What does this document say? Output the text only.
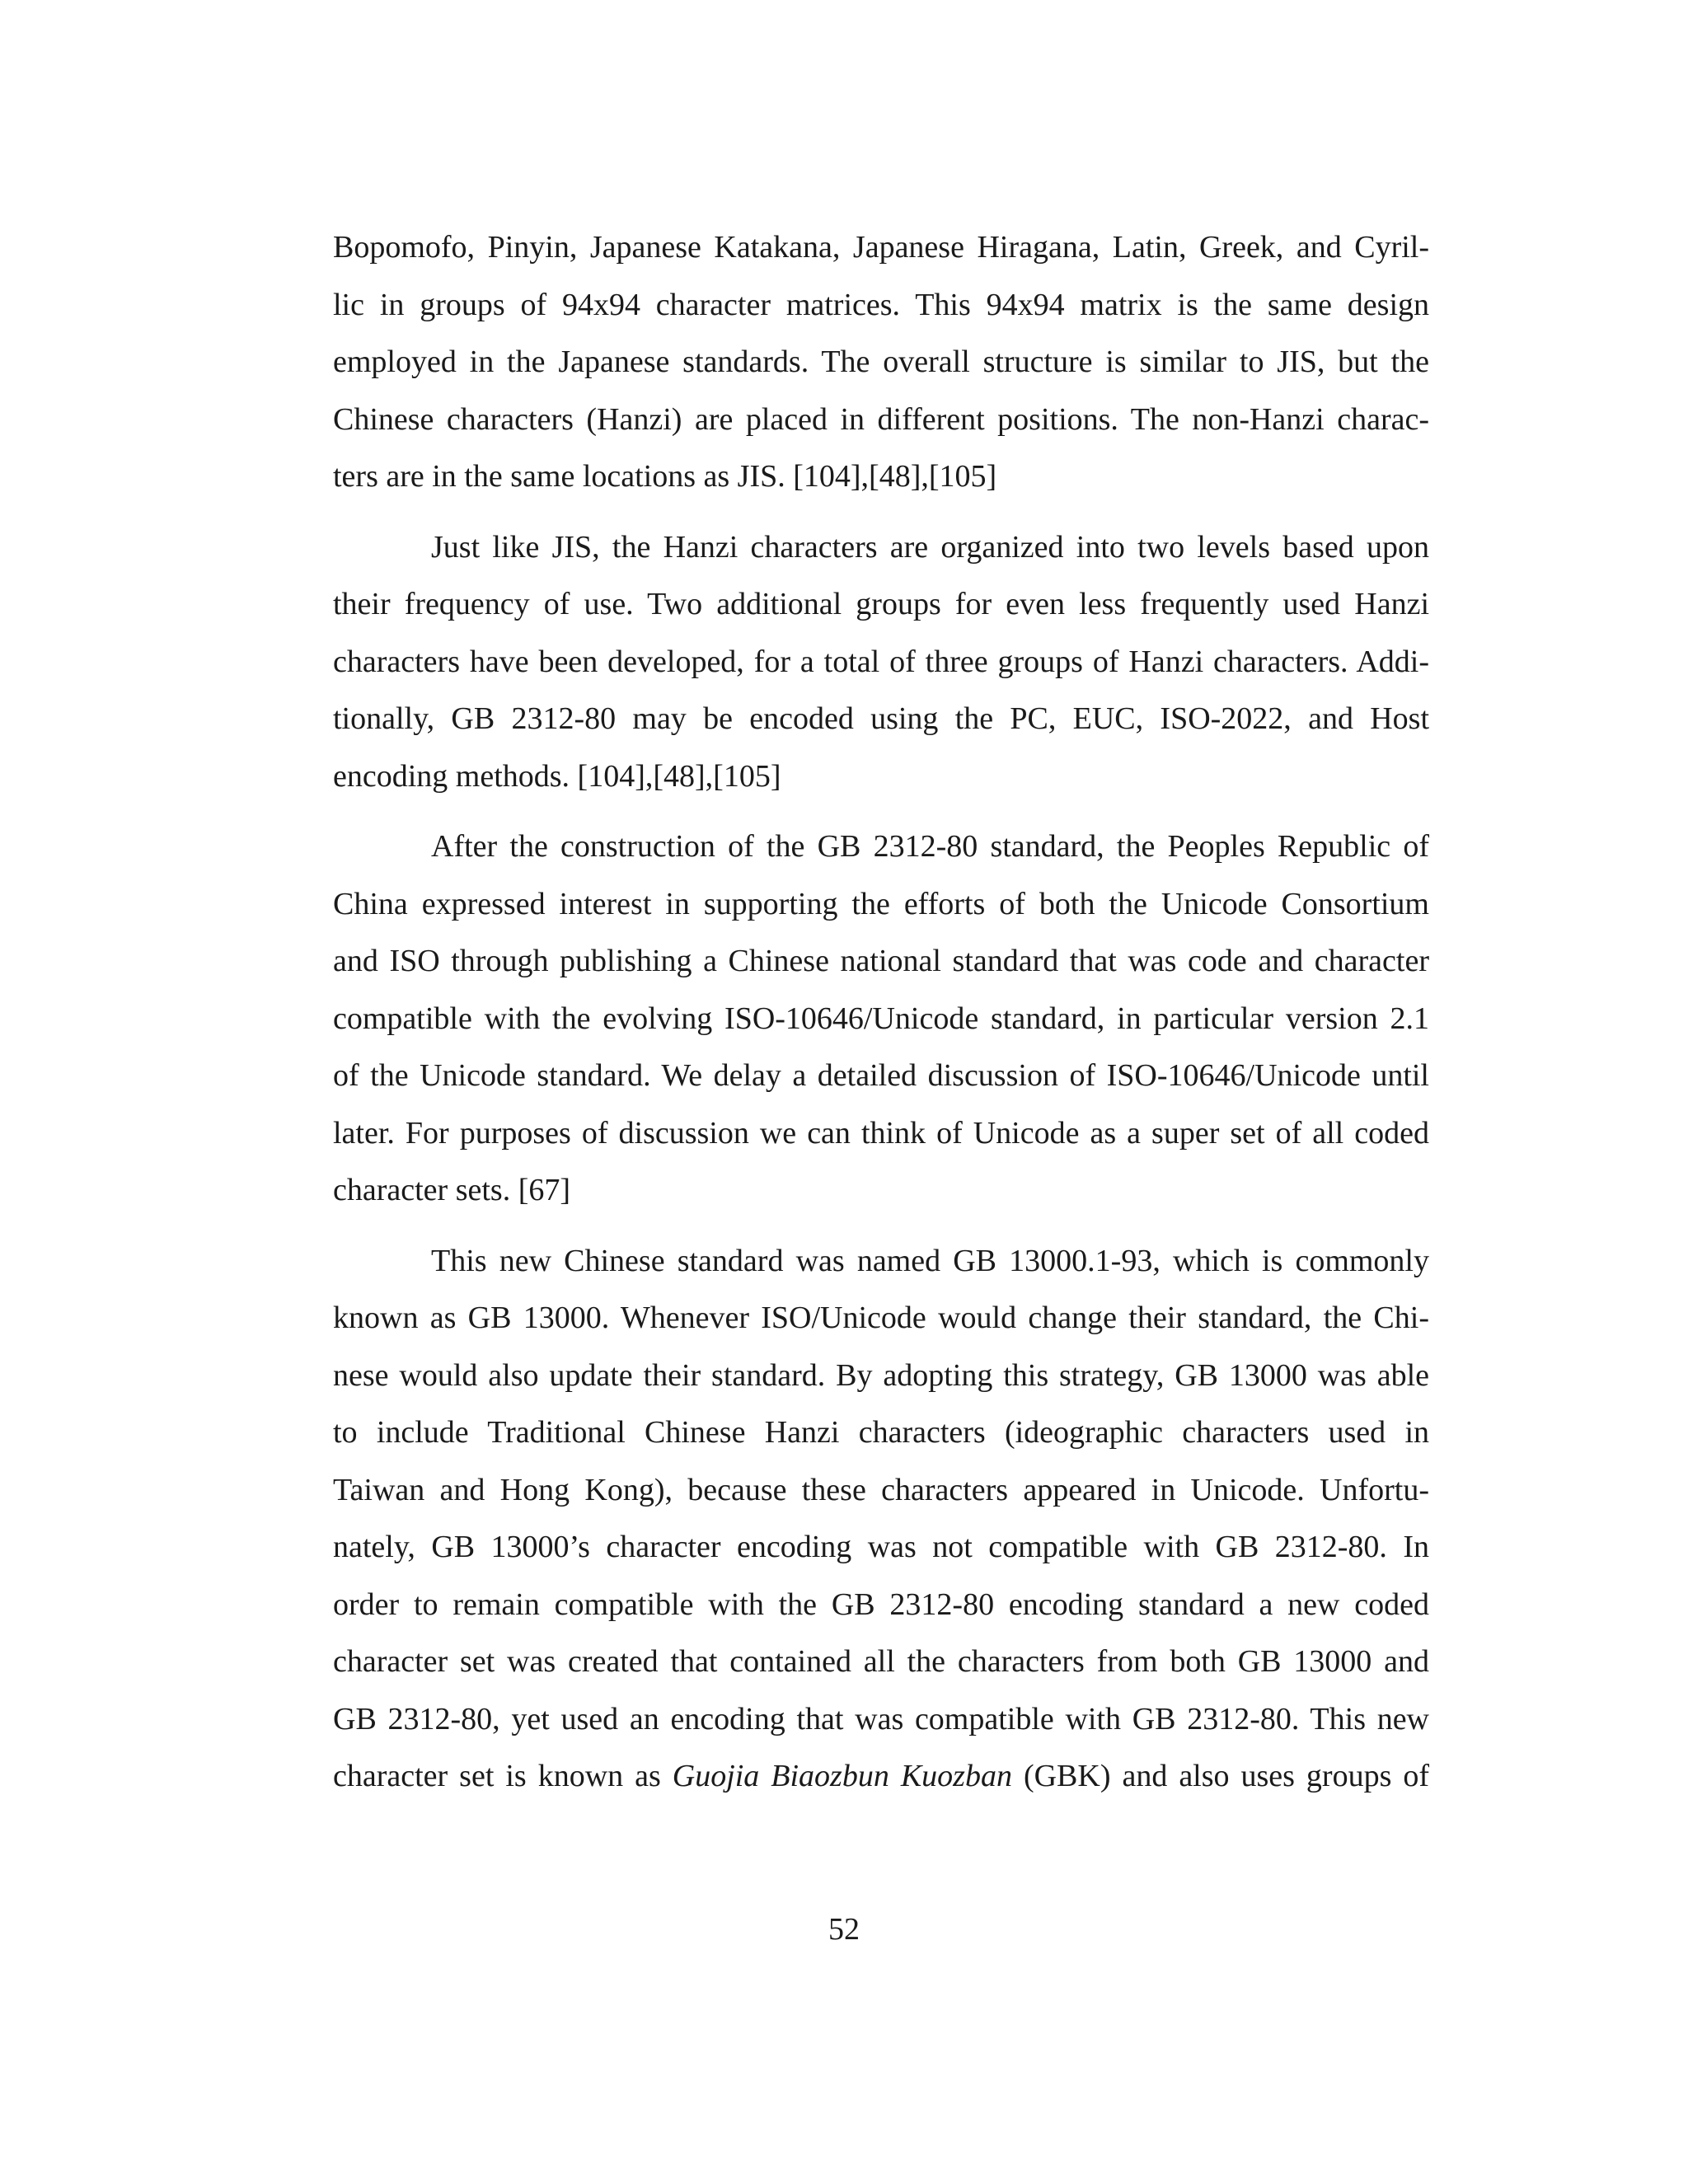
Bopomofo, Pinyin, Japanese Katakana, Japanese Hiragana, Latin, Greek, and Cyril-
lic in groups of 94x94 character matrices. This 94x94 matrix is the same design
employed in the Japanese standards. The overall structure is similar to JIS, but the
Chinese characters (Hanzi) are placed in different positions. The non-Hanzi charac-
ters are in the same locations as JIS. [104],[48],[105]
Just like JIS, the Hanzi characters are organized into two levels based upon
their frequency of use. Two additional groups for even less frequently used Hanzi
characters have been developed, for a total of three groups of Hanzi characters. Addi-
tionally, GB 2312-80 may be encoded using the PC, EUC, ISO-2022, and Host
encoding methods. [104],[48],[105]
After the construction of the GB 2312-80 standard, the Peoples Republic of
China expressed interest in supporting the efforts of both the Unicode Consortium
and ISO through publishing a Chinese national standard that was code and character
compatible with the evolving ISO-10646/Unicode standard, in particular version 2.1
of the Unicode standard. We delay a detailed discussion of ISO-10646/Unicode until
later. For purposes of discussion we can think of Unicode as a super set of all coded
character sets. [67]
This new Chinese standard was named GB 13000.1-93, which is commonly
known as GB 13000. Whenever ISO/Unicode would change their standard, the Chi-
nese would also update their standard. By adopting this strategy, GB 13000 was able
to include Traditional Chinese Hanzi characters (ideographic characters used in
Taiwan and Hong Kong), because these characters appeared in Unicode. Unfortu-
nately, GB 13000’s character encoding was not compatible with GB 2312-80. In
order to remain compatible with the GB 2312-80 encoding standard a new coded
character set was created that contained all the characters from both GB 13000 and
GB 2312-80, yet used an encoding that was compatible with GB 2312-80. This new
character set is known as Guojia Biaozbun Kuozban (GBK) and also uses groups of
52
